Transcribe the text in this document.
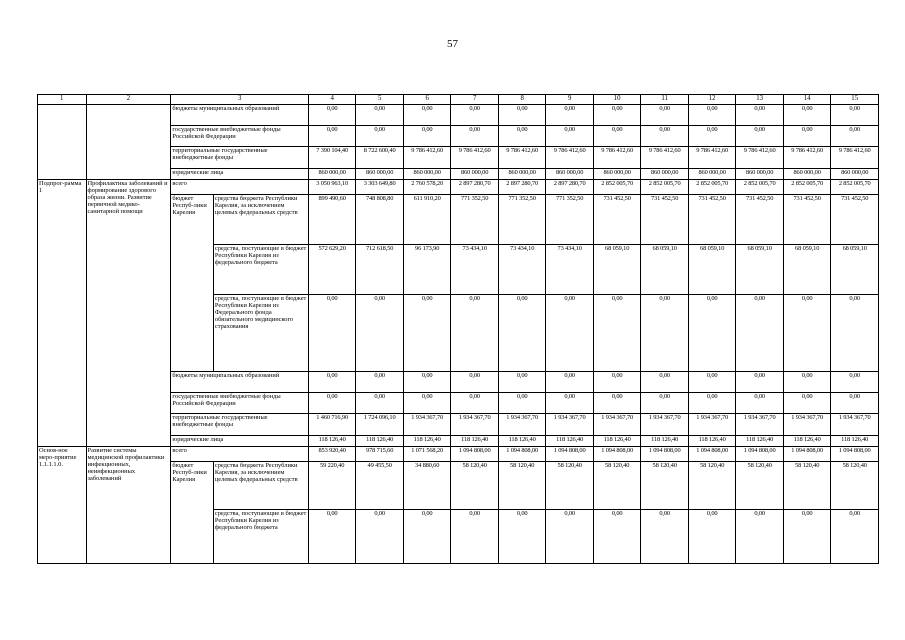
57
1	2	3		4	5	6	7	8	9	10	11	12	13	14	15
		бюджеты муниципальных образований		0,00	0,00	0,00	0,00	0,00	0,00	0,00	0,00	0,00	0,00	0,00	0,00
		государственные внебюджетные фонды Российской Федерации		0,00	0,00	0,00	0,00	0,00	0,00	0,00	0,00	0,00	0,00	0,00	0,00
		территориальные государственные внебюджетные фонды		7 390 104,40	8 722 600,40	9 786 412,60	9 786 412,60	9 786 412,60	9 786 412,60	9 786 412,60	9 786 412,60	9 786 412,60	9 786 412,60	9 786 412,60	9 786 412,60
		юридические лица		860 000,00	860 000,00	860 000,00	860 000,00	860 000,00	860 000,00	860 000,00	860 000,00	860 000,00	860 000,00	860 000,00	860 000,00
Подпрог-рамма 1	Профилактика заболеваний и формирование здорового образа жизни. Развитие первичной медико-санитарной помощи	всего		3 050 963,10	3 303 649,80	2 760 578,20	2 897 280,70	2 897 280,70	2 897 280,70	2 852 005,70	2 852 005,70	2 852 005,70	2 852 005,70	2 852 005,70	2 852 005,70
		бюджет Респуб-лики Карелия	средства бюджета Республики Карелия, за исключением целевых федеральных средств	899 490,60	748 808,80	611 910,20	771 352,50	771 352,50	771 352,50	731 452,50	731 452,50	731 452,50	731 452,50	731 452,50	731 452,50
			средства, поступающие в бюджет Республики Карелия из федерального бюджета	572 629,20	712 618,50	96 173,90	73 434,10	73 434,10	73 434,10	68 059,10	68 059,10	68 059,10	68 059,10	68 059,10	68 059,10
			средства, поступающие в бюджет Республики Карелия из Федерального фонда обязательного медицинского страхования	0,00	0,00	0,00	0,00	0,00	0,00	0,00	0,00	0,00	0,00	0,00	0,00
		бюджеты муниципальных образований		0,00	0,00	0,00	0,00	0,00	0,00	0,00	0,00	0,00	0,00	0,00	0,00
		государственные внебюджетные фонды Российской Федерации		0,00	0,00	0,00	0,00	0,00	0,00	0,00	0,00	0,00	0,00	0,00	0,00
		территориальные государственные внебюджетные фонды		1 460 716,90	1 724 096,10	1 934 367,70	1 934 367,70	1 934 367,70	1 934 367,70	1 934 367,70	1 934 367,70	1 934 367,70	1 934 367,70	1 934 367,70	1 934 367,70
		юридические лица		118 126,40	118 126,40	118 126,40	118 126,40	118 126,40	118 126,40	118 126,40	118 126,40	118 126,40	118 126,40	118 126,40	118 126,40
Основ-ное меро-приятие 1.1.1.1.0.	Развитие системы медицинской профилактики инфекционных, неинфекционных заболеваний	всего		853 920,40	978 715,60	1 071 568,20	1 094 808,00	1 094 808,00	1 094 808,00	1 094 808,00	1 094 808,00	1 094 808,00	1 094 808,00	1 094 808,00	1 094 808,00
		бюджет Респуб-лики Карелия	средства бюджета Республики Карелия, за исключением целевых федеральных средств	59 220,40	49 455,50	34 880,60	58 120,40	58 120,40	58 120,40	58 120,40	58 120,40	58 120,40	58 120,40	58 120,40	58 120,40
			средства, поступающие в бюджет Республики Карелия из федерального бюджета	0,00	0,00	0,00	0,00	0,00	0,00	0,00	0,00	0,00	0,00	0,00	0,00
